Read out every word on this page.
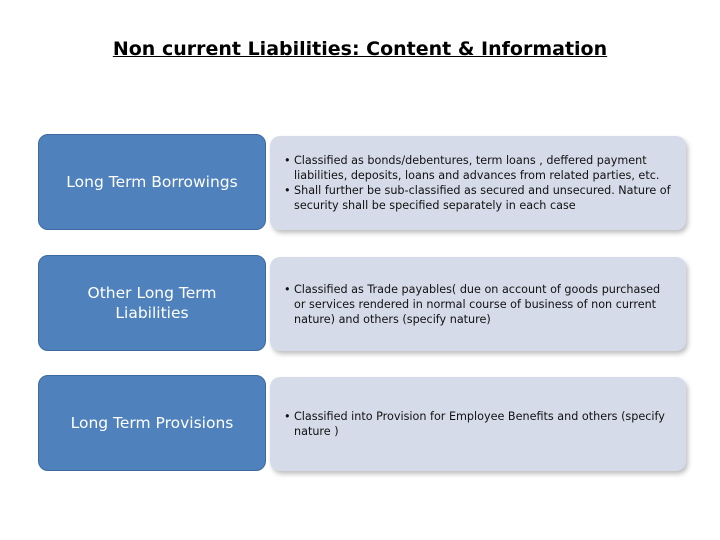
Non current Liabilities: Content & Information
Long Term Borrowings
• Classified as bonds/debentures, term loans , deffered payment liabilities, deposits, loans and advances from related parties, etc.
• Shall further be sub-classified as secured and unsecured. Nature of security shall be specified separately in each case
Other Long Term Liabilities
• Classified as Trade payables( due on account of goods purchased or services rendered in normal course of business of non current nature) and others (specify nature)
Long Term Provisions
•	Classified into Provision for Employee Benefits and others (specify nature )
